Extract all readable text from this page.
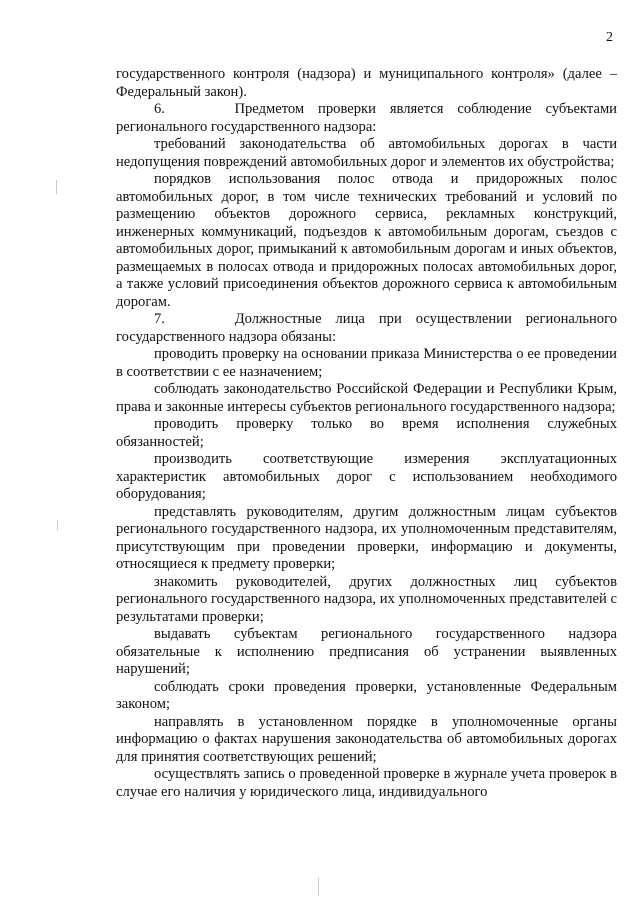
2

государственного контроля (надзора) и муниципального контроля» (далее – Федеральный закон).

6.     Предметом проверки является соблюдение субъектами регионального государственного надзора:

требований законодательства об автомобильных дорогах в части недопущения повреждений автомобильных дорог и элементов их обустройства;

порядков использования полос отвода и придорожных полос автомобильных дорог, в том числе технических требований и условий по размещению объектов дорожного сервиса, рекламных конструкций, инженерных коммуникаций, подъездов к автомобильным дорогам, съездов с автомобильных дорог, примыканий к автомобильным дорогам и иных объектов, размещаемых в полосах отвода и придорожных полосах автомобильных дорог, а также условий присоединения объектов дорожного сервиса к автомобильным дорогам.

7.     Должностные лица при осуществлении регионального государственного надзора обязаны:

проводить проверку на основании приказа Министерства о ее проведении в соответствии с ее назначением;

соблюдать законодательство Российской Федерации и Республики Крым, права и законные интересы субъектов регионального государственного надзора;

проводить проверку только во время исполнения служебных обязанностей;

производить соответствующие измерения эксплуатационных характеристик автомобильных дорог с использованием необходимого оборудования;

представлять руководителям, другим должностным лицам субъектов регионального государственного надзора, их уполномоченным представителям, присутствующим при проведении проверки, информацию и документы, относящиеся к предмету проверки;

знакомить руководителей, других должностных лиц субъектов регионального государственного надзора, их уполномоченных представителей с результатами проверки;

выдавать субъектам регионального государственного надзора обязательные к исполнению предписания об устранении выявленных нарушений;

соблюдать сроки проведения проверки, установленные Федеральным законом;

направлять в установленном порядке в уполномоченные органы информацию о фактах нарушения законодательства об автомобильных дорогах для принятия соответствующих решений;

осуществлять запись о проведенной проверке в журнале учета проверок в случае его наличия у юридического лица, индивидуального
